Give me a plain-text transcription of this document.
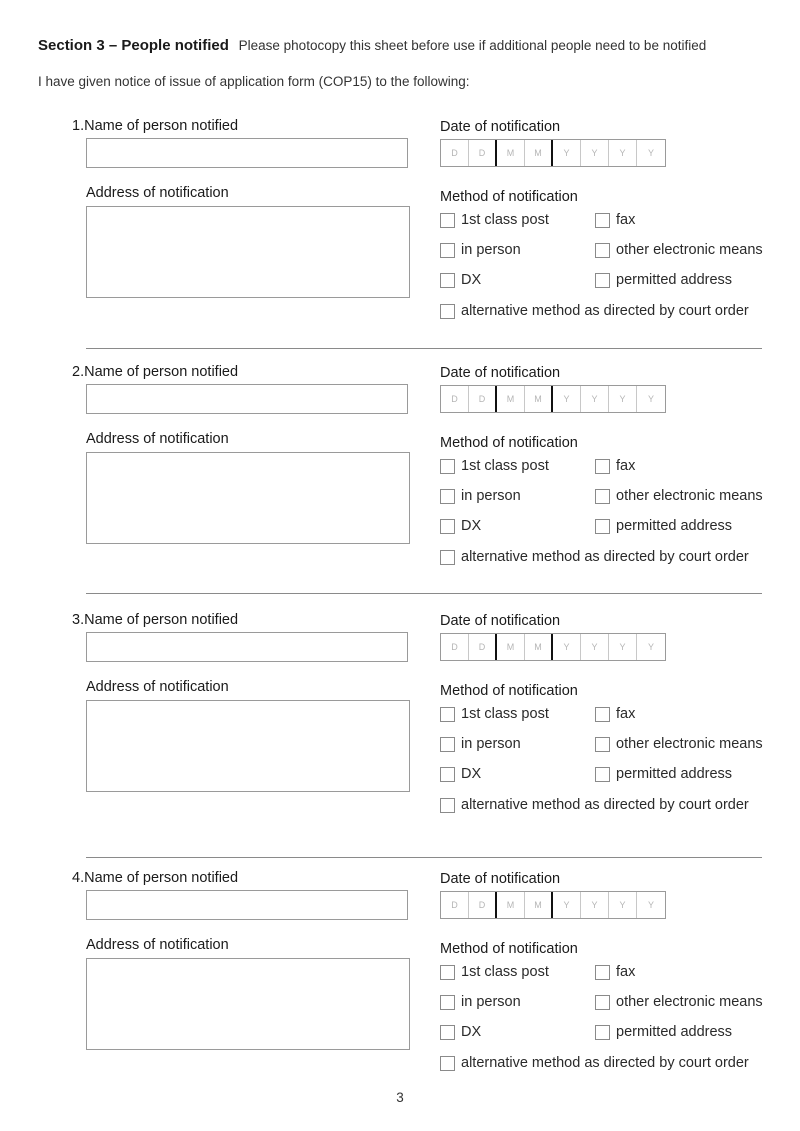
Section 3 – People notified Please photocopy this sheet before use if additional people need to be notified
I have given notice of issue of application form (COP15) to the following:
1.Name of person notified
Address of notification
Date of notification
D	D	M	M	Y	Y	Y	Y
Method of notification
1st class post	fax
in person	other electronic means
DX	permitted address
alternative method as directed by court order
2.Name of person notified
Address of notification
Date of notification
D	D	M	M	Y	Y	Y	Y
Method of notification
1st class post	fax
in person	other electronic means
DX	permitted address
alternative method as directed by court order
3.Name of person notified
Address of notification
Date of notification
D	D	M	M	Y	Y	Y	Y
Method of notification
1st class post	fax
in person	other electronic means
DX	permitted address
alternative method as directed by court order
4.Name of person notified
Address of notification
Date of notification
D	D	M	M	Y	Y	Y	Y
Method of notification
1st class post	fax
in person	other electronic means
DX	permitted address
alternative method as directed by court order
3
